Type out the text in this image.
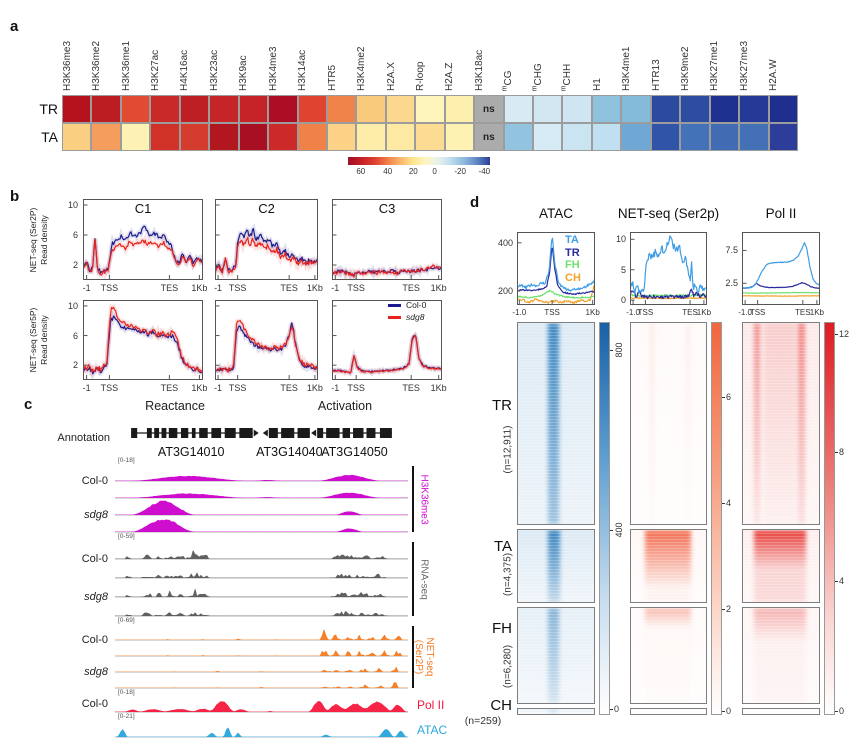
a
b
c
d
H3K36me3 H3K36me2 H3K36me1 H3K27ac H4K16ac H3K23ac H3K9ac H3K4me3 H3K14ac HTR5 H3K4me2 H2A.X R-loop H2A.Z H3K18ac
ns
ns
$^m$CG
$^m$CHG
$^m$CHH H1 H3K4me1 HTR13 H3K9me2 H3K27me1 H3K27me3 H2A.W
TR
TA
60	40	20	0	-20	-40
NET-seq (Ser2P) Read density
10
6
2
NET-seq (Ser5P) Read density
10
6
2
C1
-1	TSS	TES	1Kb
C2
-1 TSS	TES 1Kb
C3
-1 TSS	TES	1Kb
-1	TSS	TES	1Kb -1 TSS	TES 1Kb -1 TSS	TES	1Kb
Col-0
sdg8
Reactance	Activation
Annotation
AT3G14010	AT3G14040
AT3G14050
[0-18]
Col-0
sdg8	H3K36me3
[0-59]
Col-0
sdg8	RNA-seq
[0-69]
Col-0
sdg8	NET-seq
(Ser2P)
[0-18]
Col-0	Pol II
[0-21]
ATAC
ATAC
400
200
-1.0	TSS	1Kb
TA
TR
FH
CH
800
400
0
NET-seq (Ser2p)
10
5
0
-1.0
TSS	TES
1Kb
6
4
2
0
Pol II
7.5
2.5
-1.0
TSS	TES 1Kb
12
8
4
0
TR
(n=12,911)
TA
(n=4,375)
FH
(n=6,280)
CH
(n=259)
